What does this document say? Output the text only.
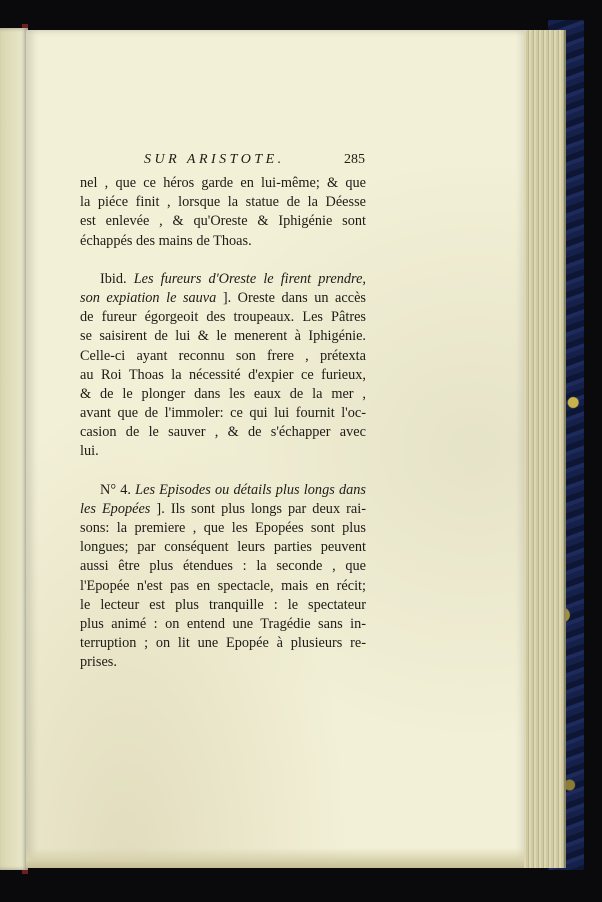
SUR ARISTOTE.	285
nel , que ce héros garde en lui-même; & que
la piéce finit , lorsque la statue de la Déesse
est enlevée , & qu'Oreste & Iphigénie sont
échappés des mains de Thoas.
Ibid. Les fureurs d'Oreste le firent prendre,
son expiation le sauva ]. Oreste dans un accès
de fureur égorgeoit des troupeaux. Les Pâtres
se saisirent de lui & le menerent à Iphigénie.
Celle-ci ayant reconnu son frere , prétexta
au Roi Thoas la nécessité d'expier ce furieux,
& de le plonger dans les eaux de la mer ,
avant que de l'immoler: ce qui lui fournit l'oc-
casion de le sauver , & de s'échapper avec
lui.
N° 4. Les Episodes ou détails plus longs dans
les Epopées ]. Ils sont plus longs par deux rai-
sons: la premiere , que les Epopées sont plus
longues; par conséquent leurs parties peuvent
aussi être plus étendues : la seconde , que
l'Epopée n'est pas en spectacle, mais en récit;
le lecteur est plus tranquille : le spectateur
plus animé : on entend une Tragédie sans in-
terruption ; on lit une Epopée à plusieurs re-
prises.
